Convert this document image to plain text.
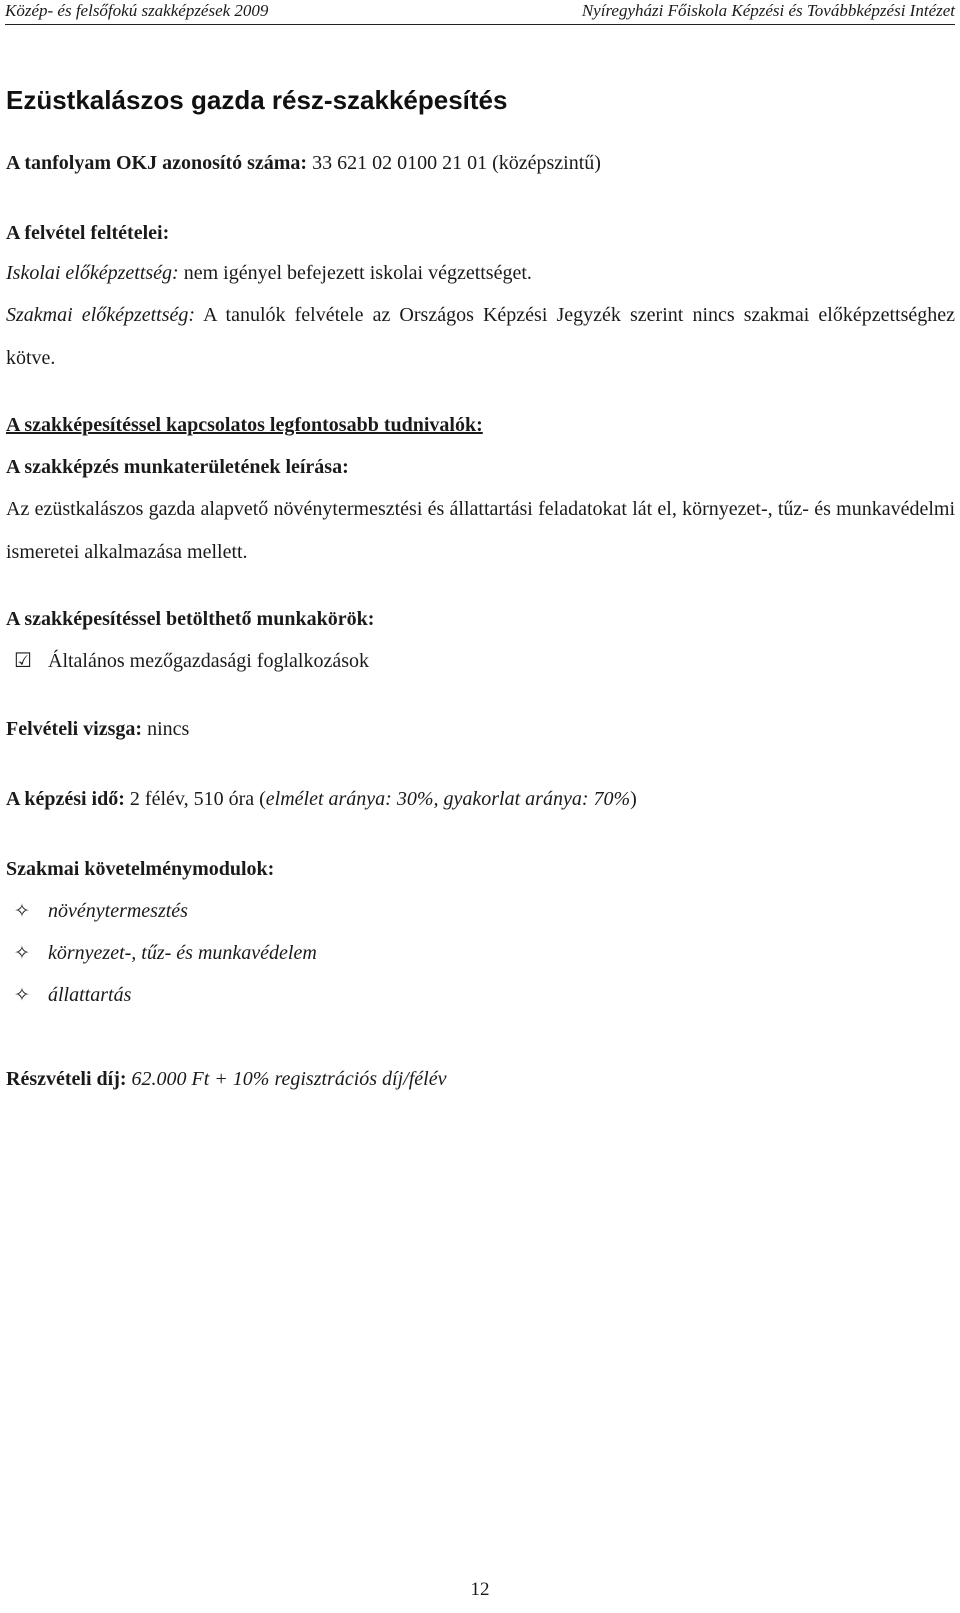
Közép- és felsőfokú szakképzések 2009	Nyíregyházi Főiskola Képzési és Továbbképzési Intézet
Ezüstkalászos gazda rész-szakképesítés
A tanfolyam OKJ azonosító száma: 33 621 02 0100 21 01 (középszintű)
A felvétel feltételei:
Iskolai előképzettség: nem igényel befejezett iskolai végzettséget.
Szakmai előképzettség: A tanulók felvétele az Országos Képzési Jegyzék szerint nincs szakmai előképzettséghez kötve.
A szakképesítéssel kapcsolatos legfontosabb tudnivalók:
A szakképzés munkaterületének leírása:
Az ezüstkalászos gazda alapvető növénytermesztési és állattartási feladatokat lát el, környezet-, tűz- és munkavédelmi ismeretei alkalmazása mellett.
A szakképesítéssel betölthető munkakörök:
☑ Általános mezőgazdasági foglalkozások
Felvételi vizsga: nincs
A képzési idő: 2 félév, 510 óra (elmélet aránya: 30%, gyakorlat aránya: 70%)
Szakmai követelménymodulok:
✧ növénytermesztés
✧ környezet-, tűz- és munkavédelem
✧ állattartás
Részvételi díj: 62.000 Ft + 10% regisztrációs díj/félév
12
